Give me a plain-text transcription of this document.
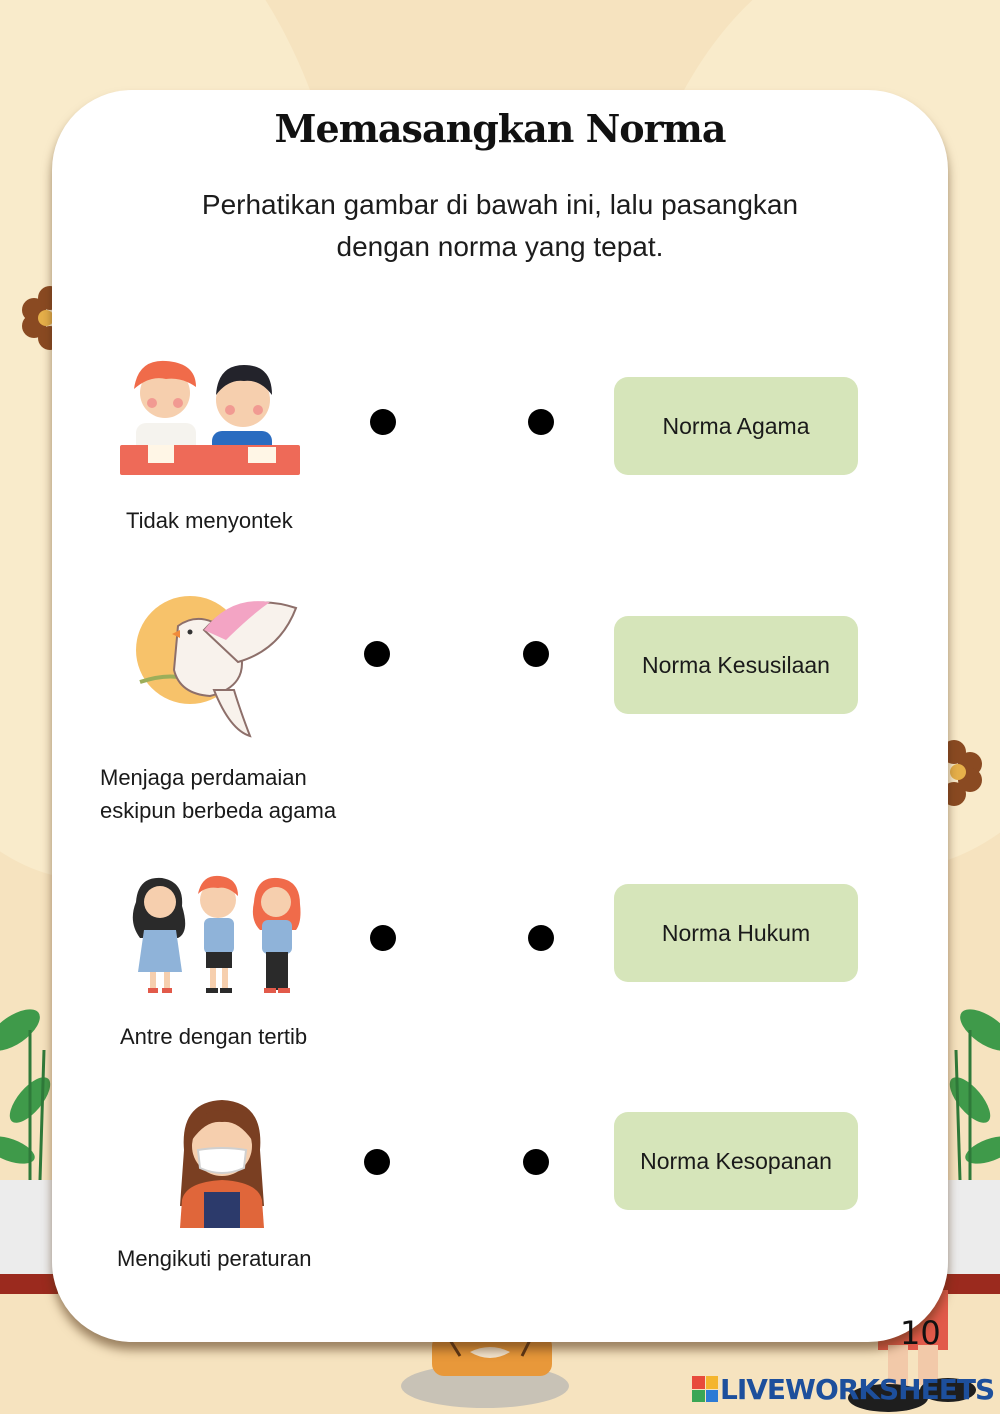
Memasangkan Norma
Perhatikan gambar di bawah ini, lalu pasangkan dengan norma yang tepat.
Tidak menyontek
Norma Agama
Menjaga perdamaian
eskipun berbeda agama
Norma Kesusilaan
Antre dengan tertib
Norma Hukum
Mengikuti peraturan
Norma Kesopanan
10
LIVEWORKSHEETS
